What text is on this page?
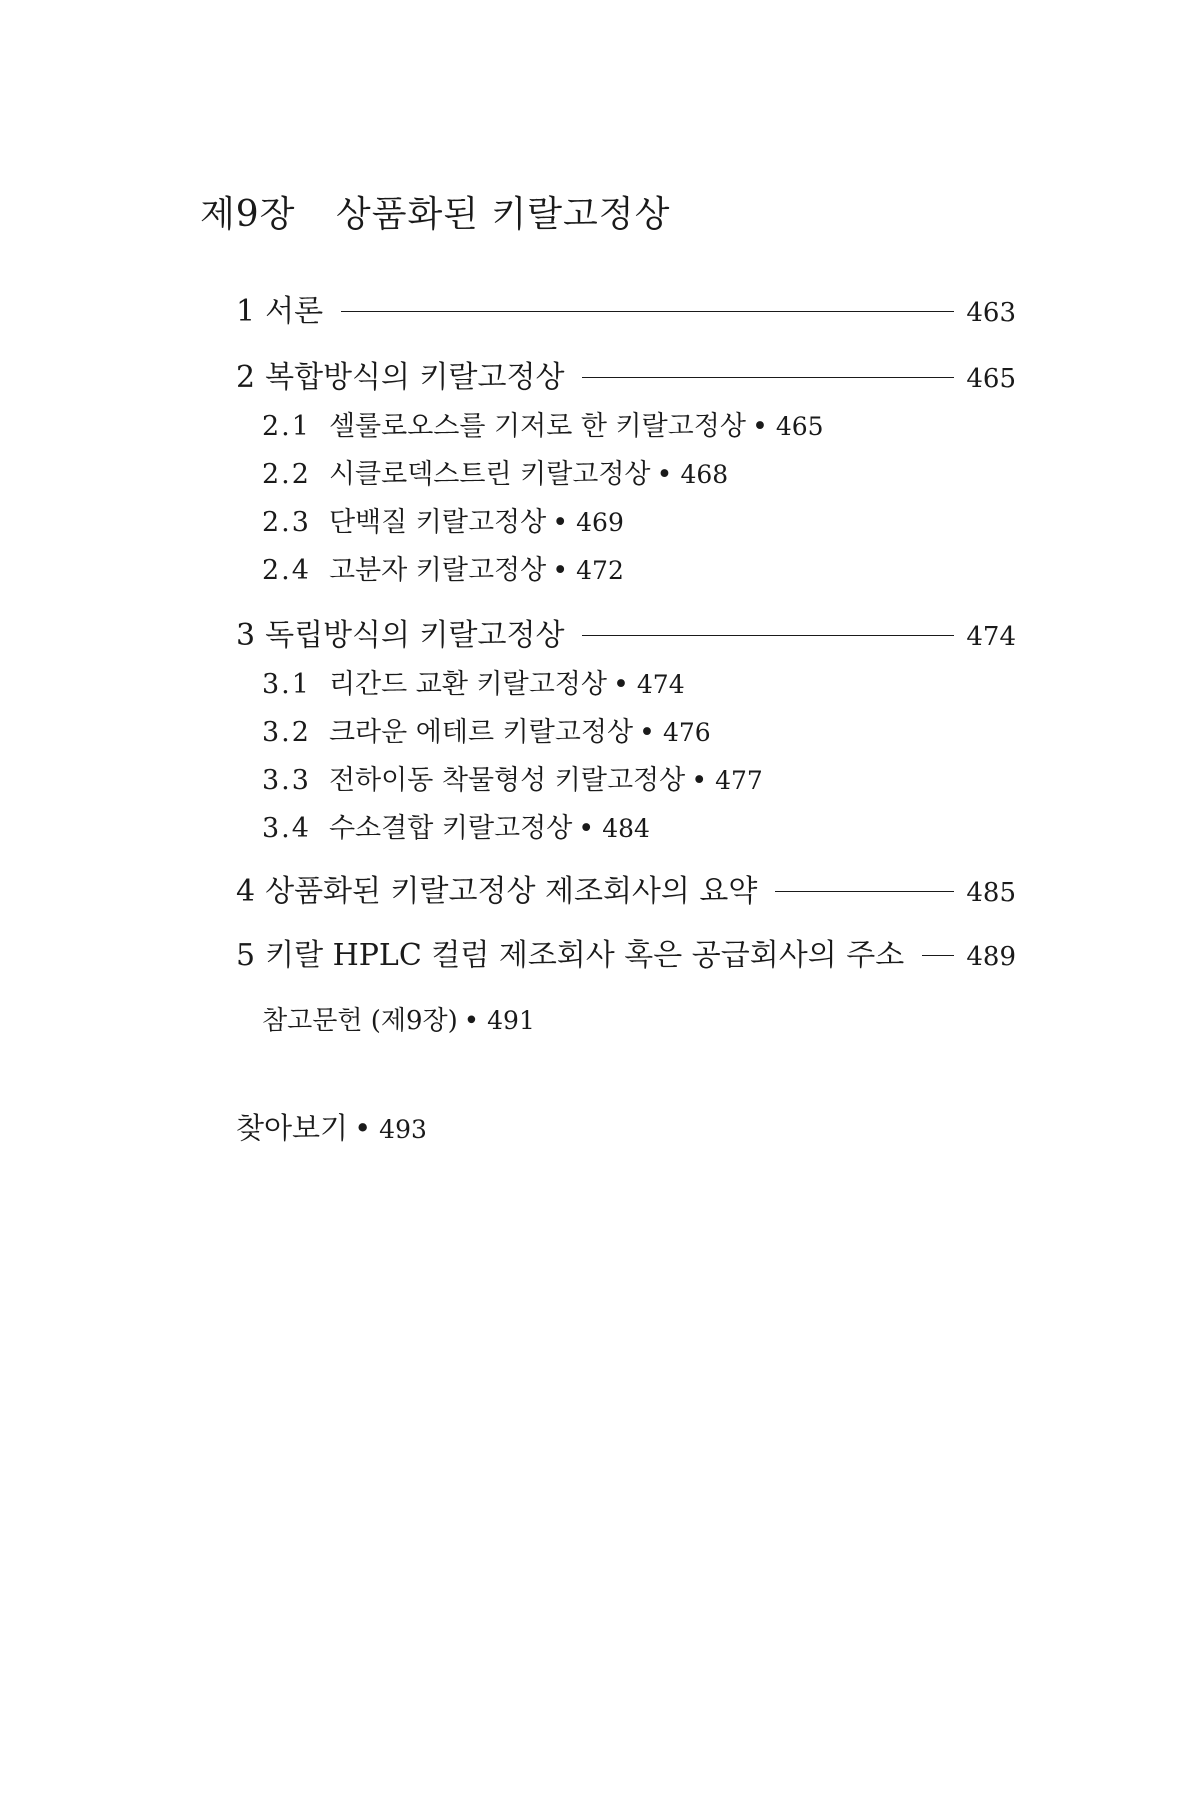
제9장 상품화된 키랄고정상
1 서론	463
2 복합방식의 키랄고정상	465
2.1 셀룰로오스를 기저로 한 키랄고정상 • 465
2.2 시클로덱스트린 키랄고정상 • 468
2.3 단백질 키랄고정상 • 469
2.4 고분자 키랄고정상 • 472
3 독립방식의 키랄고정상	474
3.1 리간드 교환 키랄고정상 • 474
3.2 크라운 에테르 키랄고정상 • 476
3.3 전하이동 착물형성 키랄고정상 • 477
3.4 수소결합 키랄고정상 • 484
4 상품화된 키랄고정상 제조회사의 요약	485
5 키랄 HPLC 컬럼 제조회사 혹은 공급회사의 주소 489
참고문헌 (제9장) • 491
찾아보기 • 493
